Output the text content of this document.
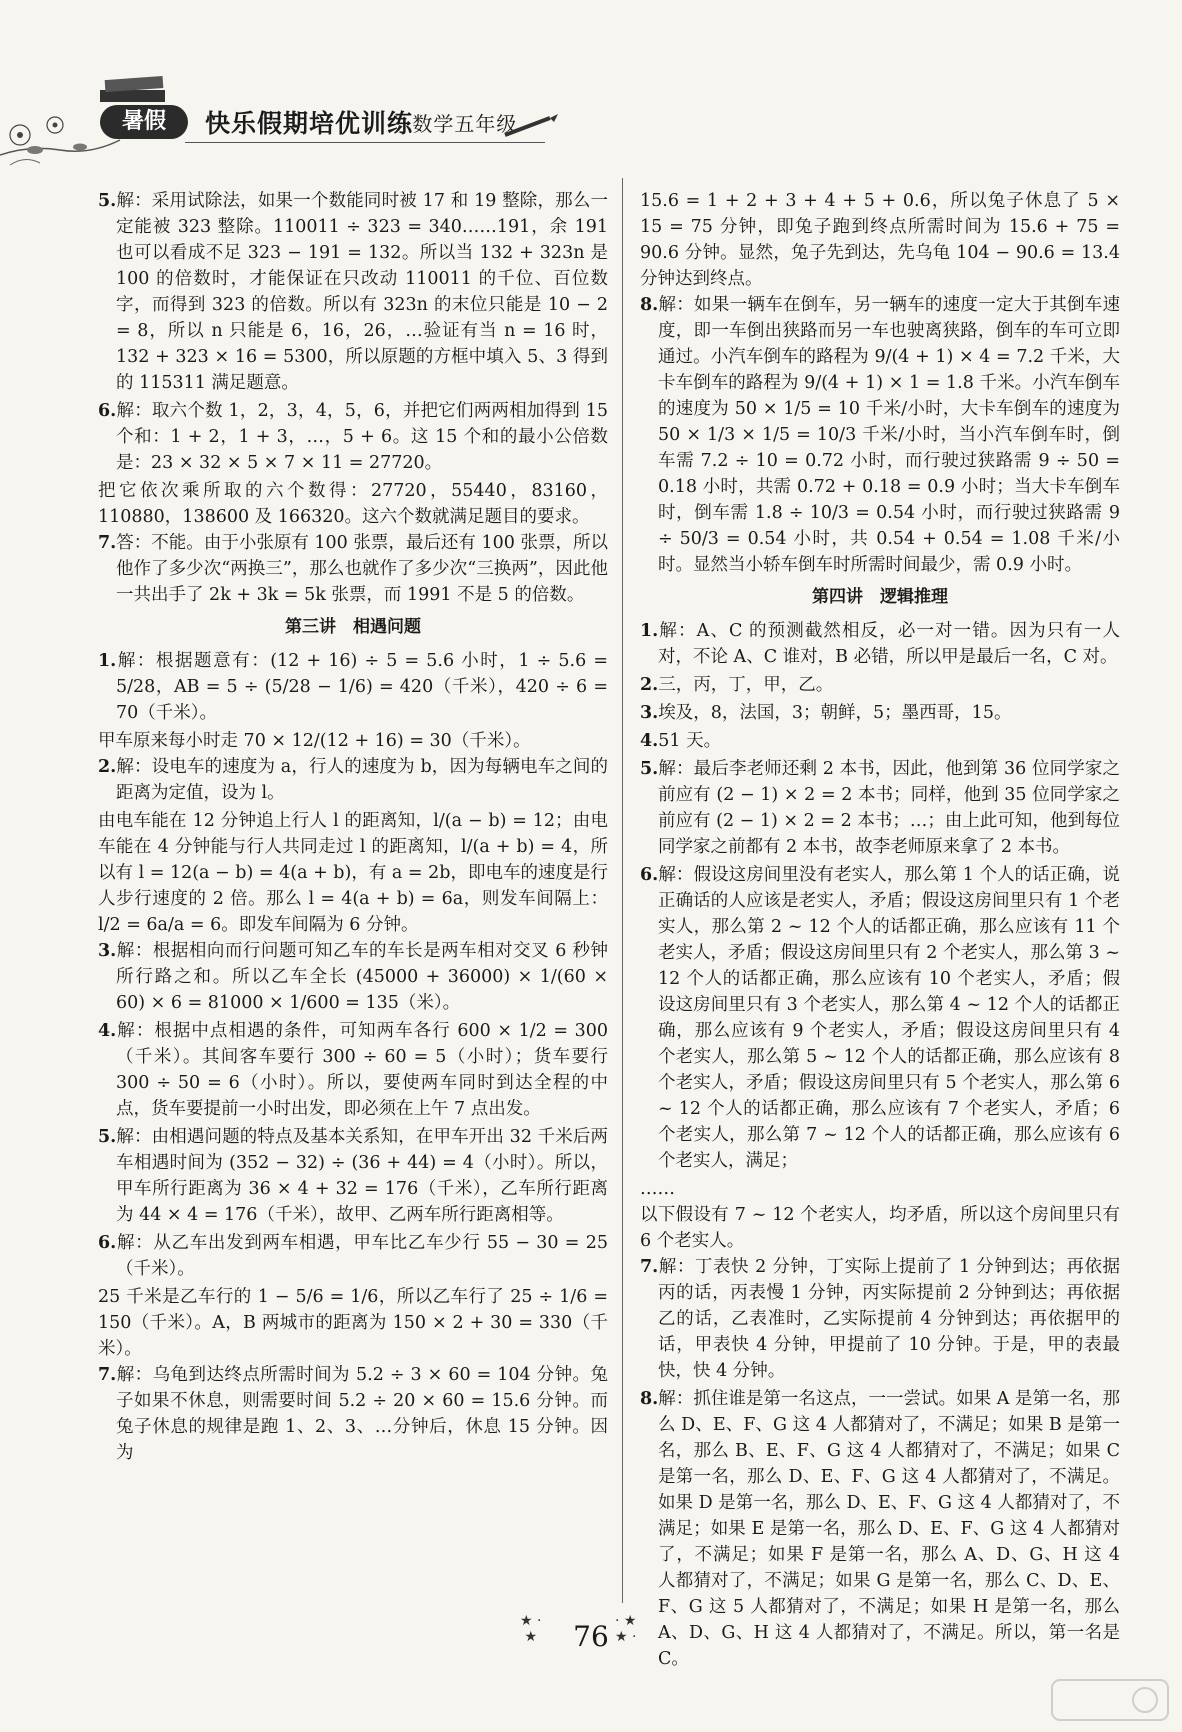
暑假	快乐假期培优训练
·数学五年级

5.解：采用试除法，如果一个数能同时被 17 和 19 整除，那么一定能被 323 整除。110011 ÷ 323 = 340……191，余 191 也可以看成不足 323 − 191 = 132。所以当 132 + 323n 是 100 的倍数时，才能保证在只改动 110011 的千位、百位数字，而得到 323 的倍数。所以有 323n 的末位只能是 10 − 2 = 8，所以 n 只能是 6，16，26，…验证有当 n = 16 时，132 + 323 × 16 = 5300，所以原题的方框中填入 5、3 得到的 115311 满足题意。

6.解：取六个数 1，2，3，4，5，6，并把它们两两相加得到 15 个和：1 + 2，1 + 3，…，5 + 6。这 15 个和的最小公倍数是：23 × 32 × 5 × 7 × 11 = 27720。

把它依次乘所取的六个数得：27720，55440，83160，110880，138600 及 166320。这六个数就满足题目的要求。

7.答：不能。由于小张原有 100 张票，最后还有 100 张票，所以他作了多少次“两换三”，那么也就作了多少次“三换两”，因此他一共出手了 2k + 3k = 5k 张票，而 1991 不是 5 的倍数。

第三讲　相遇问题

1.解：根据题意有：(12 + 16) ÷ 5 = 5.6 小时，1 ÷ 5.6 = 5/28，AB = 5 ÷ (5/28 − 1/6) = 420（千米），420 ÷ 6 = 70（千米）。

甲车原来每小时走 70 × 12/(12 + 16) = 30（千米）。

2.解：设电车的速度为 a，行人的速度为 b，因为每辆电车之间的距离为定值，设为 l。

由电车能在 12 分钟追上行人 l 的距离知，l/(a − b) = 12；由电车能在 4 分钟能与行人共同走过 l 的距离知，l/(a + b) = 4，所以有 l = 12(a − b) = 4(a + b)，有 a = 2b，即电车的速度是行人步行速度的 2 倍。那么 l = 4(a + b) = 6a，则发车间隔上：l/2 = 6a/a = 6。即发车间隔为 6 分钟。

3.解：根据相向而行问题可知乙车的车长是两车相对交叉 6 秒钟所行路之和。所以乙车全长 (45000 + 36000) × 1/(60 × 60) × 6 = 81000 × 1/600 = 135（米）。

4.解：根据中点相遇的条件，可知两车各行 600 × 1/2 = 300（千米）。其间客车要行 300 ÷ 60 = 5（小时）；货车要行 300 ÷ 50 = 6（小时）。所以，要使两车同时到达全程的中点，货车要提前一小时出发，即必须在上午 7 点出发。

5.解：由相遇问题的特点及基本关系知，在甲车开出 32 千米后两车相遇时间为 (352 − 32) ÷ (36 + 44) = 4（小时）。所以，甲车所行距离为 36 × 4 + 32 = 176（千米），乙车所行距离为 44 × 4 = 176（千米），故甲、乙两车所行距离相等。

6.解：从乙车出发到两车相遇，甲车比乙车少行 55 − 30 = 25（千米）。

25 千米是乙车行的 1 − 5/6 = 1/6，所以乙车行了 25 ÷ 1/6 = 150（千米）。A，B 两城市的距离为 150 × 2 + 30 = 330（千米）。

7.解：乌龟到达终点所需时间为 5.2 ÷ 3 × 60 = 104 分钟。兔子如果不休息，则需要时间 5.2 ÷ 20 × 60 = 15.6 分钟。而兔子休息的规律是跑 1、2、3、…分钟后，休息 15 分钟。因为

15.6 = 1 + 2 + 3 + 4 + 5 + 0.6，所以兔子休息了 5 × 15 = 75 分钟，即兔子跑到终点所需时间为 15.6 + 75 = 90.6 分钟。显然，兔子先到达，先乌龟 104 − 90.6 = 13.4 分钟达到终点。

8.解：如果一辆车在倒车，另一辆车的速度一定大于其倒车速度，即一车倒出狭路而另一车也驶离狭路，倒车的车可立即通过。小汽车倒车的路程为 9/(4 + 1) × 4 = 7.2 千米，大卡车倒车的路程为 9/(4 + 1) × 1 = 1.8 千米。小汽车倒车的速度为 50 × 1/5 = 10 千米/小时，大卡车倒车的速度为 50 × 1/3 × 1/5 = 10/3 千米/小时，当小汽车倒车时，倒车需 7.2 ÷ 10 = 0.72 小时，而行驶过狭路需 9 ÷ 50 = 0.18 小时，共需 0.72 + 0.18 = 0.9 小时；当大卡车倒车时，倒车需 1.8 ÷ 10/3 = 0.54 小时，而行驶过狭路需 9 ÷ 50/3 = 0.54 小时，共 0.54 + 0.54 = 1.08 千米/小时。显然当小轿车倒车时所需时间最少，需 0.9 小时。

第四讲　逻辑推理

1.解：A、C 的预测截然相反，必一对一错。因为只有一人对，不论 A、C 谁对，B 必错，所以甲是最后一名，C 对。

2.三，丙，丁，甲，乙。

3.埃及，8，法国，3；朝鲜，5；墨西哥，15。

4.51 天。

5.解：最后李老师还剩 2 本书，因此，他到第 36 位同学家之前应有 (2 − 1) × 2 = 2 本书；同样，他到 35 位同学家之前应有 (2 − 1) × 2 = 2 本书；…；由上此可知，他到每位同学家之前都有 2 本书，故李老师原来拿了 2 本书。

6.解：假设这房间里没有老实人，那么第 1 个人的话正确，说正确话的人应该是老实人，矛盾；假设这房间里只有 1 个老实人，那么第 2 ~ 12 个人的话都正确，那么应该有 11 个老实人，矛盾；假设这房间里只有 2 个老实人，那么第 3 ~ 12 个人的话都正确，那么应该有 10 个老实人，矛盾；假设这房间里只有 3 个老实人，那么第 4 ~ 12 个人的话都正确，那么应该有 9 个老实人，矛盾；假设这房间里只有 4 个老实人，那么第 5 ~ 12 个人的话都正确，那么应该有 8 个老实人，矛盾；假设这房间里只有 5 个老实人，那么第 6 ~ 12 个人的话都正确，那么应该有 7 个老实人，矛盾；6 个老实人，那么第 7 ~ 12 个人的话都正确，那么应该有 6 个老实人，满足；

……

以下假设有 7 ~ 12 个老实人，均矛盾，所以这个房间里只有 6 个老实人。

7.解：丁表快 2 分钟，丁实际上提前了 1 分钟到达；再依据丙的话，丙表慢 1 分钟，丙实际提前 2 分钟到达；再依据乙的话，乙表准时，乙实际提前 4 分钟到达；再依据甲的话，甲表快 4 分钟，甲提前了 10 分钟。于是，甲的表最快，快 4 分钟。

8.解：抓住谁是第一名这点，一一尝试。如果 A 是第一名，那么 D、E、F、G 这 4 人都猜对了，不满足；如果 B 是第一名，那么 B、E、F、G 这 4 人都猜对了，不满足；如果 C 是第一名，那么 D、E、F、G 这 4 人都猜对了，不满足。如果 D 是第一名，那么 D、E、F、G 这 4 人都猜对了，不满足；如果 E 是第一名，那么 D、E、F、G 这 4 人都猜对了，不满足；如果 F 是第一名，那么 A、D、G、H 这 4 人都猜对了，不满足；如果 G 是第一名，那么 C、D、E、F、G 这 5 人都猜对了，不满足；如果 H 是第一名，那么 A、D、G、H 这 4 人都猜对了，不满足。所以，第一名是 C。

★ ·
★	76 · ★
★ ·
